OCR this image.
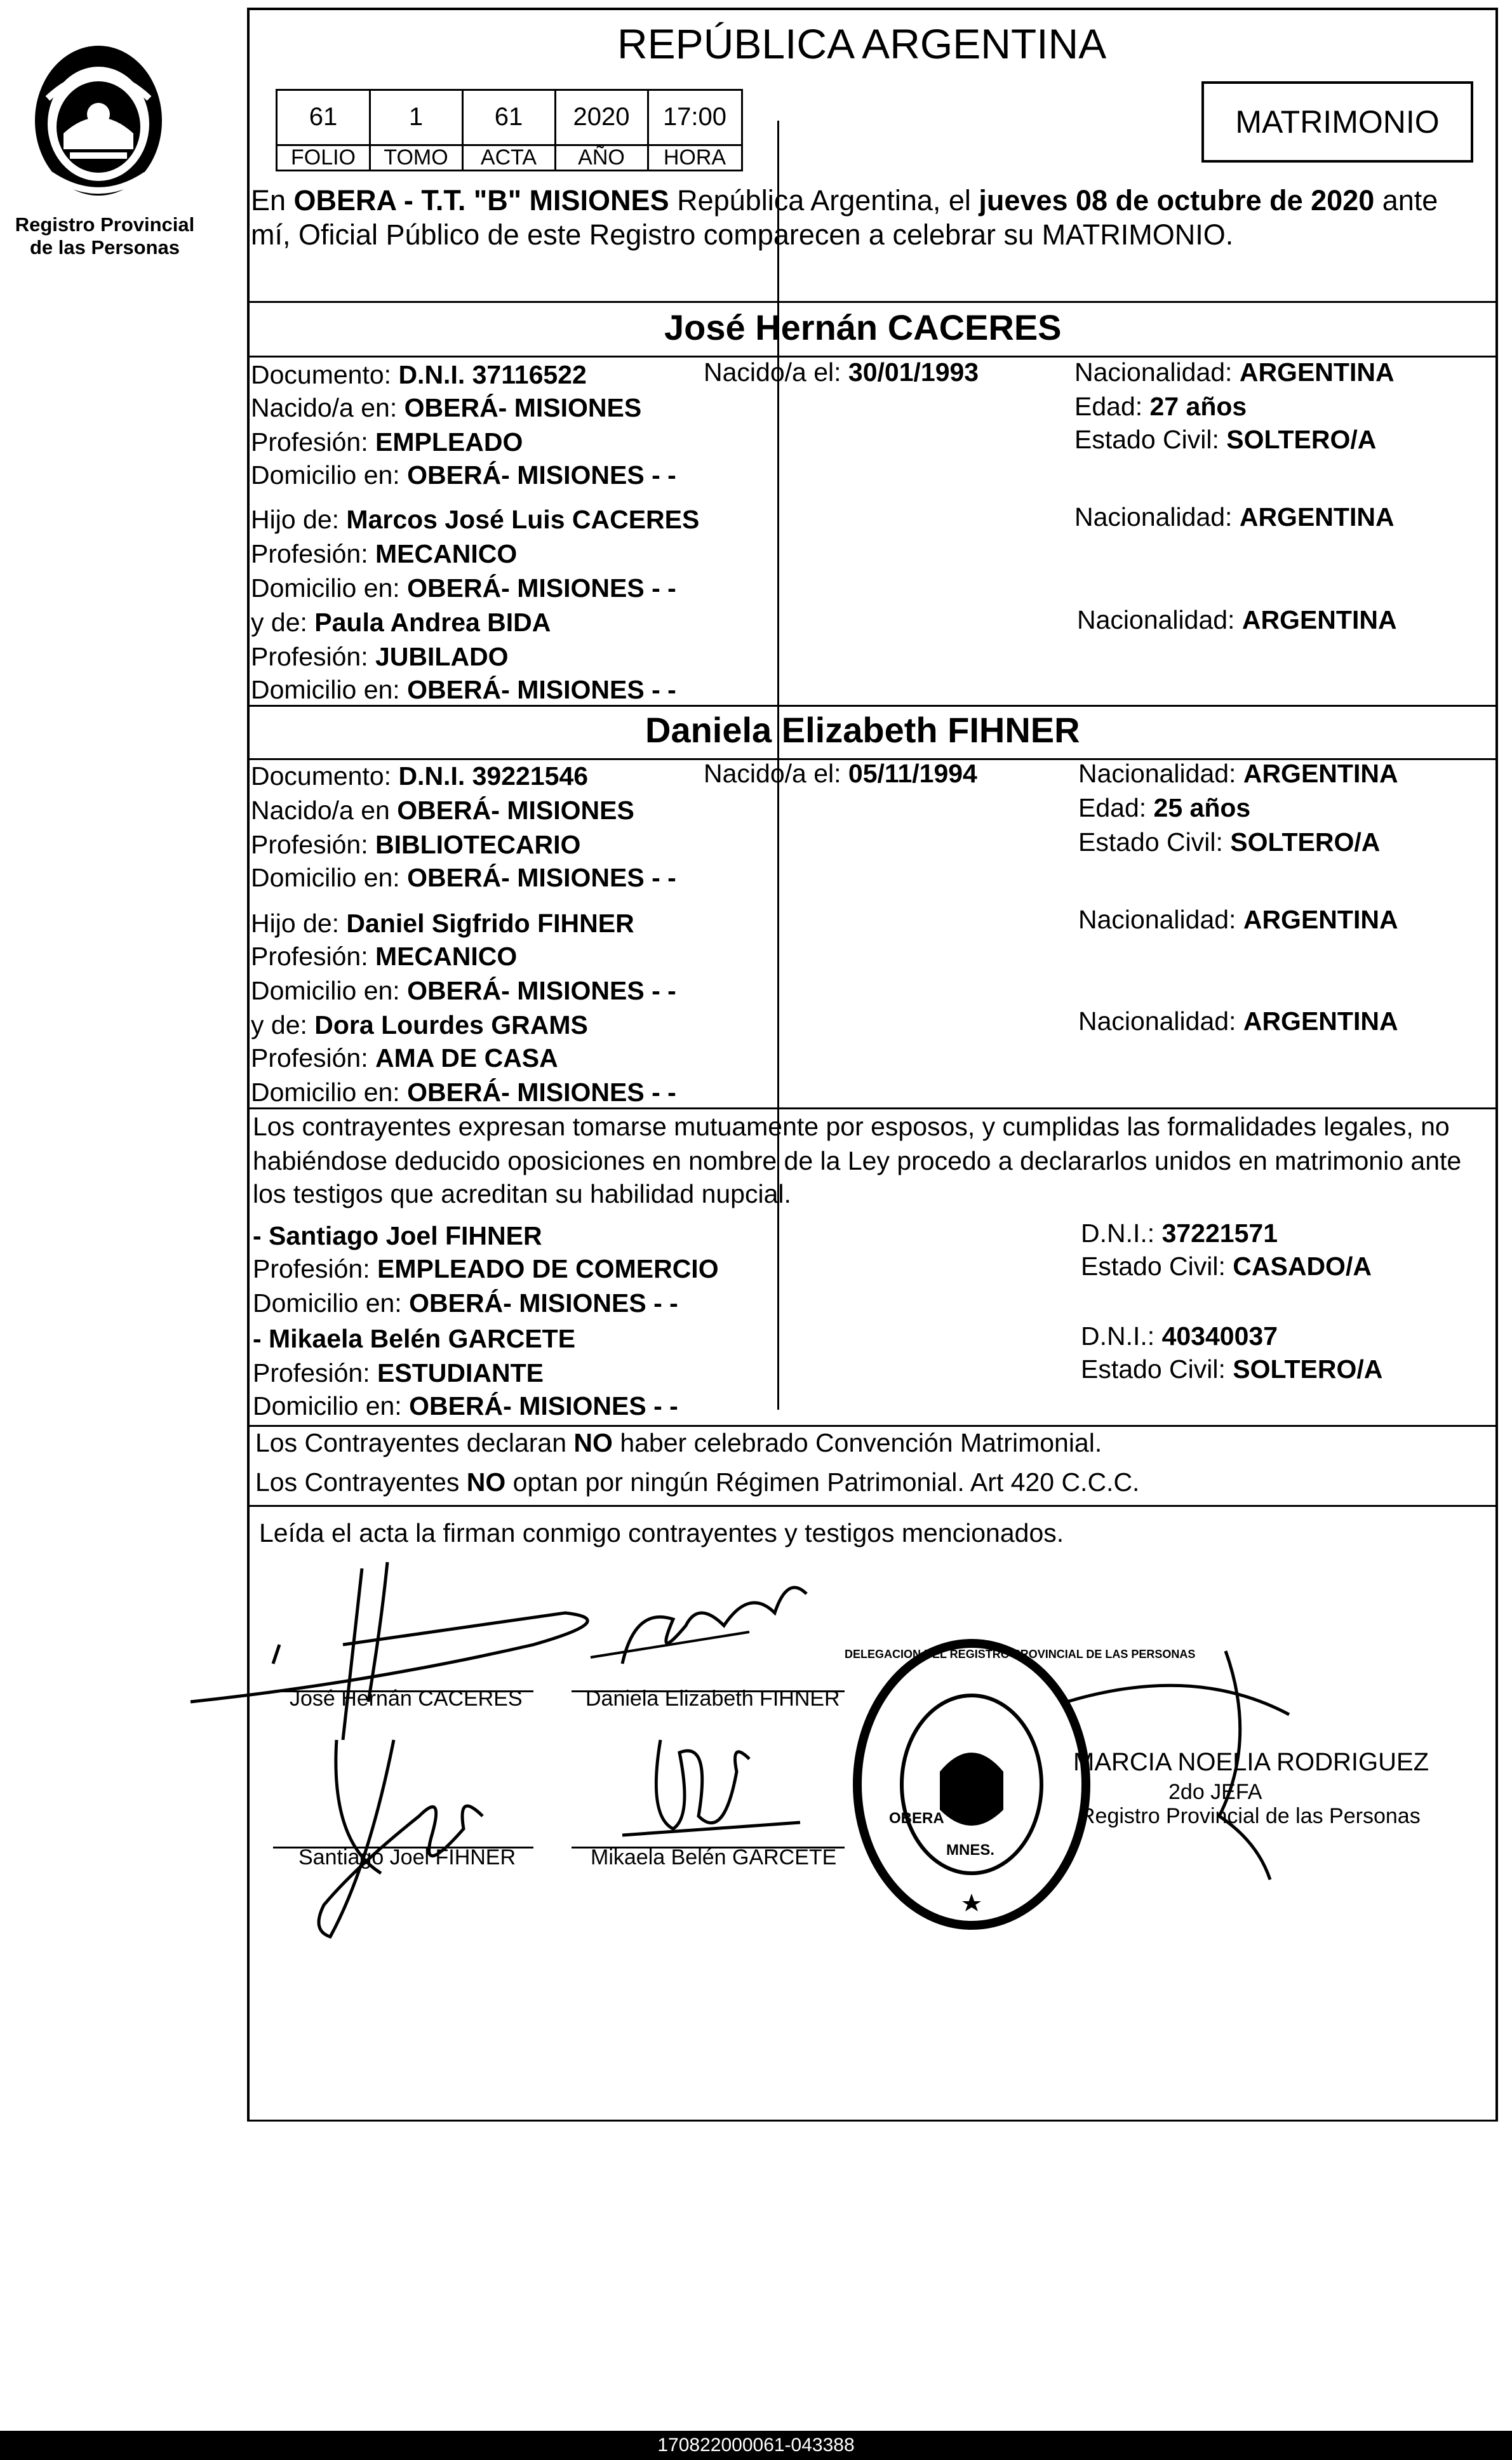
Registro Provincial
de las Personas
REPÚBLICA ARGENTINA
61	1	61	2020	17:00
FOLIO	TOMO	ACTA	AÑO	HORA
MATRIMONIO
En OBERA - T.T. "B" MISIONES República Argentina, el jueves 08 de octubre de 2020 ante
mí, Oficial Público de este Registro comparecen a celebrar su MATRIMONIO.
José Hernán CACERES
Documento: D.N.I. 37116522	Nacido/a el: 30/01/1993	Nacionalidad: ARGENTINA
Nacido/a en: OBERÁ- MISIONES	Edad: 27 años
Profesión: EMPLEADO	Estado Civil: SOLTERO/A
Domicilio en: OBERÁ- MISIONES - -
Hijo de: Marcos José Luis CACERES	Nacionalidad: ARGENTINA
Profesión: MECANICO
Domicilio en: OBERÁ- MISIONES - -
y de: Paula Andrea BIDA	Nacionalidad: ARGENTINA
Profesión: JUBILADO
Domicilio en: OBERÁ- MISIONES - -
Daniela Elizabeth FIHNER
Documento: D.N.I. 39221546	Nacido/a el: 05/11/1994	Nacionalidad: ARGENTINA
Nacido/a en OBERÁ- MISIONES	Edad: 25 años
Profesión: BIBLIOTECARIO	Estado Civil: SOLTERO/A
Domicilio en: OBERÁ- MISIONES - -
Hijo de: Daniel Sigfrido FIHNER	Nacionalidad: ARGENTINA
Profesión: MECANICO
Domicilio en: OBERÁ- MISIONES - -
y de: Dora Lourdes GRAMS	Nacionalidad: ARGENTINA
Profesión: AMA DE CASA
Domicilio en: OBERÁ- MISIONES - -
Los contrayentes expresan tomarse mutuamente por esposos, y cumplidas las formalidades legales, no
habiéndose deducido oposiciones en nombre de la Ley procedo a declararlos unidos en matrimonio ante
los testigos que acreditan su habilidad nupcial.
- Santiago Joel FIHNER	D.N.I.: 37221571
Profesión: EMPLEADO DE COMERCIO	Estado Civil: CASADO/A
Domicilio en: OBERÁ- MISIONES - -
- Mikaela Belén GARCETE	D.N.I.: 40340037
Profesión: ESTUDIANTE	Estado Civil: SOLTERO/A
Domicilio en: OBERÁ- MISIONES - -
Los Contrayentes declaran NO haber celebrado Convención Matrimonial.
Los Contrayentes NO optan por ningún Régimen Patrimonial. Art 420 C.C.C.
Leída el acta la firman conmigo contrayentes y testigos mencionados.
José Hernán CACERES	Daniela Elizabeth FIHNER
Santiago Joel FIHNER	Mikaela Belén GARCETE
DELEGACION DEL REGISTRO PROVINCIAL DE LAS PERSONAS
OBERA
MNES.
MARCIA NOELIA RODRIGUEZ
2do JEFA
Registro Provincial de las Personas
170822000061-043388
